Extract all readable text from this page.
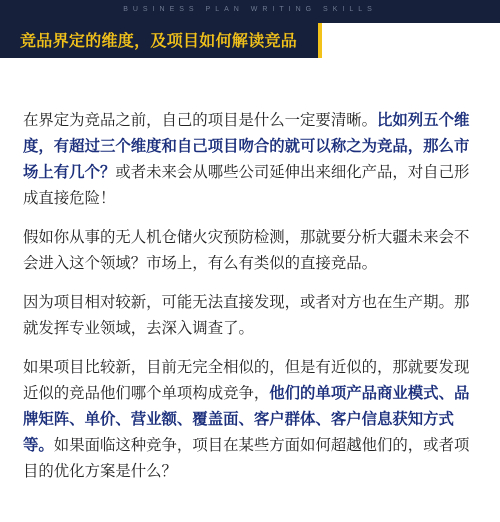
BUSINESS PLAN WRITING SKILLS
竞品界定的维度，及项目如何解读竞品

在界定为竞品之前，自己的项目是什么一定要清晰。比如列五个维度，有超过三个维度和自己项目吻合的就可以称之为竞品，那么市场上有几个？或者未来会从哪些公司延伸出来细化产品，对自己形成直接危险！

假如你从事的无人机仓储火灾预防检测，那就要分析大疆未来会不会进入这个领域？市场上，有么有类似的直接竞品。

因为项目相对较新，可能无法直接发现，或者对方也在生产期。那就发挥专业领域，去深入调查了。

如果项目比较新，目前无完全相似的，但是有近似的，那就要发现近似的竞品他们哪个单项构成竞争，他们的单项产品商业模式、品牌矩阵、单价、营业额、覆盖面、客户群体、客户信息获知方式等。如果面临这种竞争，项目在某些方面如何超越他们的，或者项目的优化方案是什么？
